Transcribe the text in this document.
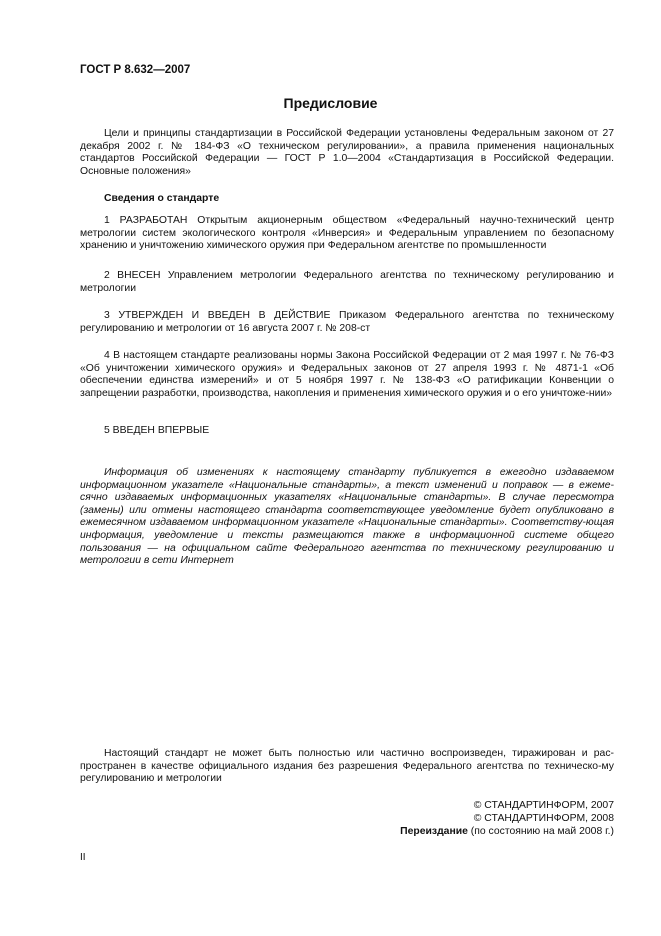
ГОСТ Р 8.632—2007
Предисловие

Цели и принципы стандартизации в Российской Федерации установлены Федеральным законом от 27 декабря 2002 г. № 184-ФЗ «О техническом регулировании», а правила применения национальных стандартов Российской Федерации — ГОСТ Р 1.0—2004 «Стандартизация в Российской Федерации. Основные положения»

Сведения о стандарте

1 РАЗРАБОТАН Открытым акционерным обществом «Федеральный научно-технический центр метрологии систем экологического контроля «Инверсия» и Федеральным управлением по безопасному хранению и уничтожению химического оружия при Федеральном агентстве по промышленности

2 ВНЕСЕН Управлением метрологии Федерального агентства по техническому регулированию и метрологии

3 УТВЕРЖДЕН И ВВЕДЕН В ДЕЙСТВИЕ Приказом Федерального агентства по техническому регулированию и метрологии от 16 августа 2007 г. № 208-ст

4 В настоящем стандарте реализованы нормы Закона Российской Федерации от 2 мая 1997 г. № 76-ФЗ «Об уничтожении химического оружия» и Федеральных законов от 27 апреля 1993 г. № 4871-1 «Об обеспечении единства измерений» и от 5 ноября 1997 г. № 138-ФЗ «О ратификации Конвенции о запрещении разработки, производства, накопления и применения химического оружия и о его уничтоже-нии»

5 ВВЕДЕН ВПЕРВЫЕ

Информация об изменениях к настоящему стандарту публикуется в ежегодно издаваемом информационном указателе «Национальные стандарты», а текст изменений и поправок — в ежеме-сячно издаваемых информационных указателях «Национальные стандарты». В случае пересмотра (замены) или отмены настоящего стандарта соответствующее уведомление будет опубликовано в ежемесячном издаваемом информационном указателе «Национальные стандарты». Соответству-ющая информация, уведомление и тексты размещаются также в информационной системе общего пользования — на официальном сайте Федерального агентства по техническому регулированию и метрологии в сети Интернет

Настоящий стандарт не может быть полностью или частично воспроизведен, тиражирован и рас-пространен в качестве официального издания без разрешения Федерального агентства по техническо-му регулированию и метрологии

© СТАНДАРТИНФОРМ, 2007
© СТАНДАРТИНФОРМ, 2008
Переиздание (по состоянию на май 2008 г.)
II
